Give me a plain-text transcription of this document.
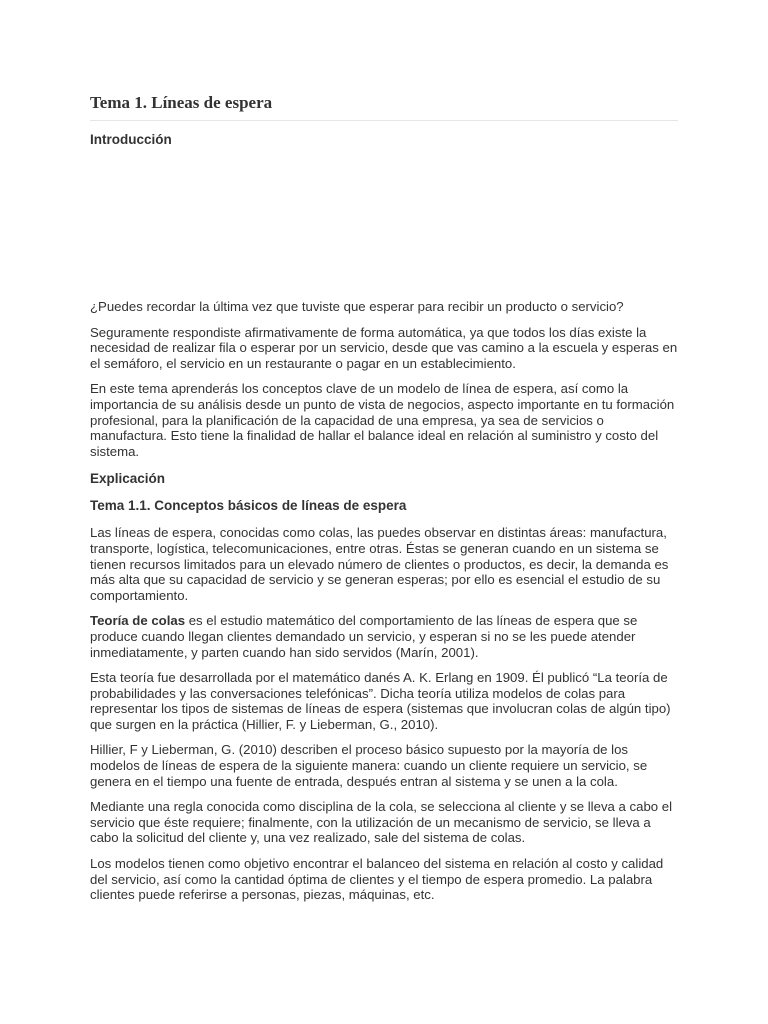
Tema 1. Líneas de espera
Introducción

¿Puedes recordar la última vez que tuviste que esperar para recibir un producto o servicio?

Seguramente respondiste afirmativamente de forma automática, ya que todos los días existe la necesidad de realizar fila o esperar por un servicio, desde que vas camino a la escuela y esperas en el semáforo, el servicio en un restaurante o pagar en un establecimiento.

En este tema aprenderás los conceptos clave de un modelo de línea de espera, así como la importancia de su análisis desde un punto de vista de negocios, aspecto importante en tu formación profesional, para la planificación de la capacidad de una empresa, ya sea de servicios o manufactura. Esto tiene la finalidad de hallar el balance ideal en relación al suministro y costo del sistema.

Explicación
Tema 1.1. Conceptos básicos de líneas de espera

Las líneas de espera, conocidas como colas, las puedes observar en distintas áreas: manufactura, transporte, logística, telecomunicaciones, entre otras. Éstas se generan cuando en un sistema se tienen recursos limitados para un elevado número de clientes o productos, es decir, la demanda es más alta que su capacidad de servicio y se generan esperas; por ello es esencial el estudio de su comportamiento.

Teoría de colas es el estudio matemático del comportamiento de las líneas de espera que se produce cuando llegan clientes demandado un servicio, y esperan si no se les puede atender inmediatamente, y parten cuando han sido servidos (Marín, 2001).

Esta teoría fue desarrollada por el matemático danés A. K. Erlang en 1909. Él publicó “La teoría de probabilidades y las conversaciones telefónicas”. Dicha teoría utiliza modelos de colas para representar los tipos de sistemas de líneas de espera (sistemas que involucran colas de algún tipo) que surgen en la práctica (Hillier, F. y Lieberman, G., 2010).

Hillier, F y Lieberman, G. (2010) describen el proceso básico supuesto por la mayoría de los modelos de líneas de espera de la siguiente manera: cuando un cliente requiere un servicio, se genera en el tiempo una fuente de entrada, después entran al sistema y se unen a la cola.

Mediante una regla conocida como disciplina de la cola, se selecciona al cliente y se lleva a cabo el servicio que éste requiere; finalmente, con la utilización de un mecanismo de servicio, se lleva a cabo la solicitud del cliente y, una vez realizado, sale del sistema de colas.

Los modelos tienen como objetivo encontrar el balanceo del sistema en relación al costo y calidad del servicio, así como la cantidad óptima de clientes y el tiempo de espera promedio. La palabra clientes puede referirse a personas, piezas, máquinas, etc.
